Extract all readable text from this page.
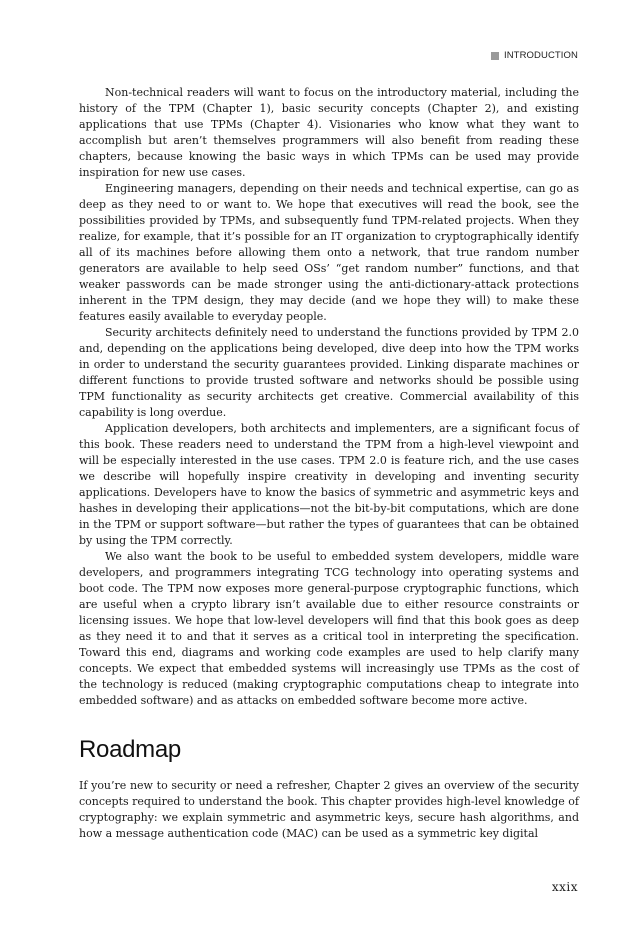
INTRODUCTION

Non-technical readers will want to focus on the introductory material, including the history of the TPM (Chapter 1), basic security concepts (Chapter 2), and existing applications that use TPMs (Chapter 4). Visionaries who know what they want to accomplish but aren’t themselves programmers will also benefit from reading these chapters, because knowing the basic ways in which TPMs can be used may provide inspiration for new use cases.

Engineering managers, depending on their needs and technical expertise, can go as deep as they need to or want to. We hope that executives will read the book, see the possibilities provided by TPMs, and subsequently fund TPM-related projects. When they realize, for example, that it’s possible for an IT organization to cryptographically identify all of its machines before allowing them onto a network, that true random number generators are available to help seed OSs’ “get random number” functions, and that weaker passwords can be made stronger using the anti-dictionary-attack protections inherent in the TPM design, they may decide (and we hope they will) to make these features easily available to everyday people.

Security architects definitely need to understand the functions provided by TPM 2.0 and, depending on the applications being developed, dive deep into how the TPM works in order to understand the security guarantees provided. Linking disparate machines or different functions to provide trusted software and networks should be possible using TPM functionality as security architects get creative. Commercial availability of this capability is long overdue.

Application developers, both architects and implementers, are a significant focus of this book. These readers need to understand the TPM from a high-level viewpoint and will be especially interested in the use cases. TPM 2.0 is feature rich, and the use cases we describe will hopefully inspire creativity in developing and inventing security applications. Developers have to know the basics of symmetric and asymmetric keys and hashes in developing their applications—not the bit-by-bit computations, which are done in the TPM or support software—but rather the types of guarantees that can be obtained by using the TPM correctly.

We also want the book to be useful to embedded system developers, middle ware developers, and programmers integrating TCG technology into operating systems and boot code. The TPM now exposes more general-purpose cryptographic functions, which are useful when a crypto library isn’t available due to either resource constraints or licensing issues. We hope that low-level developers will find that this book goes as deep as they need it to and that it serves as a critical tool in interpreting the specification. Toward this end, diagrams and working code examples are used to help clarify many concepts. We expect that embedded systems will increasingly use TPMs as the cost of the technology is reduced (making cryptographic computations cheap to integrate into embedded software) and as attacks on embedded software become more active.

Roadmap

If you’re new to security or need a refresher, Chapter 2 gives an overview of the security concepts required to understand the book. This chapter provides high-level knowledge of cryptography: we explain symmetric and asymmetric keys, secure hash algorithms, and how a message authentication code (MAC) can be used as a symmetric key digital

xxix
